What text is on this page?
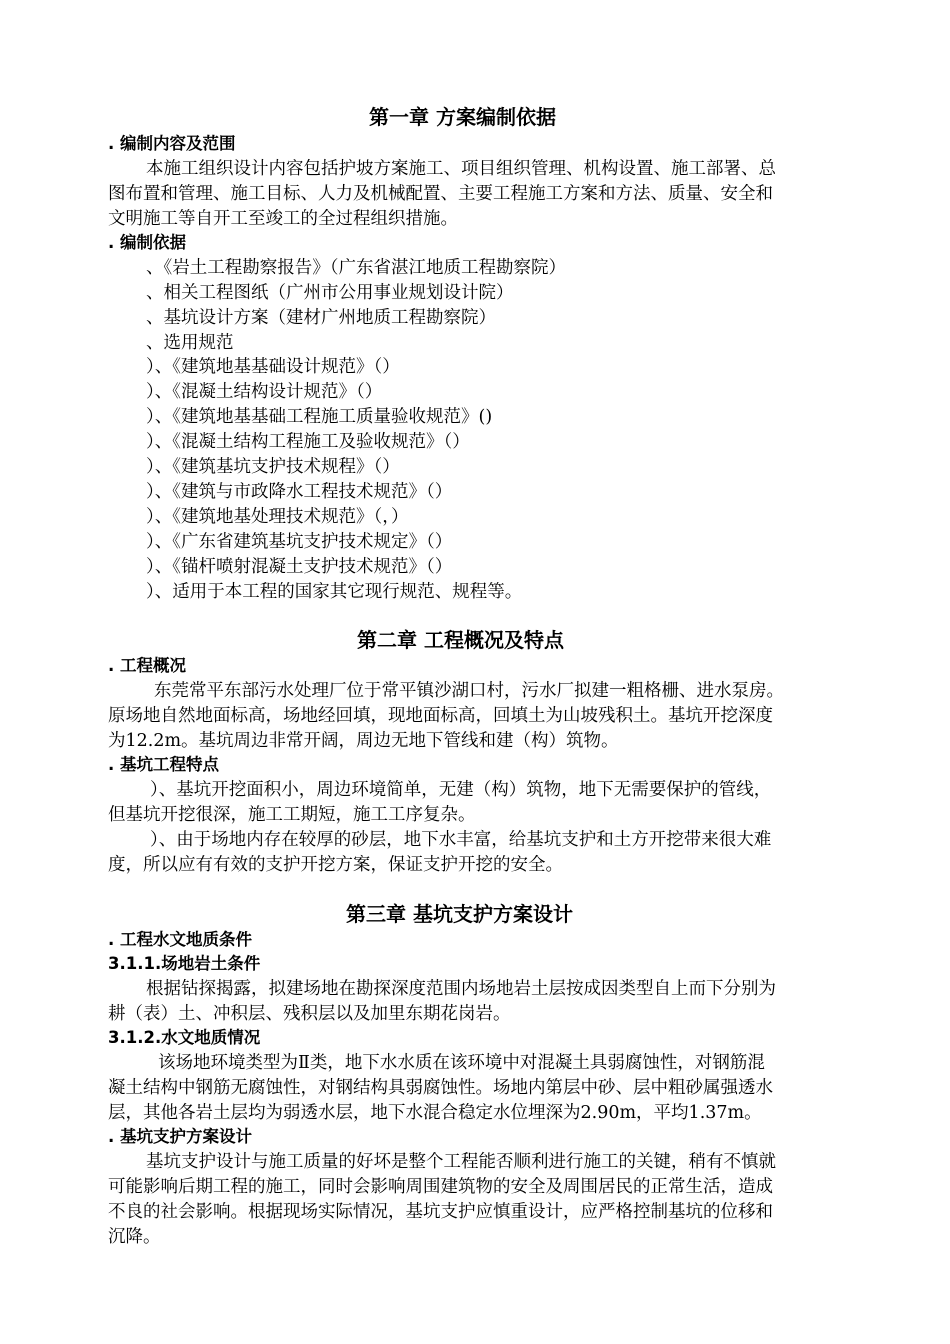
第一章 方案编制依据
. 编制内容及范围
本施工组织设计内容包括护坡方案施工、项目组织管理、机构设置、施工部署、总
图布置和管理、施工目标、人力及机械配置、主要工程施工方案和方法、质量、安全和
文明施工等自开工至竣工的全过程组织措施。
. 编制依据
、《岩土工程勘察报告》（广东省湛江地质工程勘察院）
、相关工程图纸（广州市公用事业规划设计院）
、基坑设计方案（建材广州地质工程勘察院）
、选用规范
）、《建筑地基基础设计规范》（）
）、《混凝土结构设计规范》（）
）、《建筑地基基础工程施工质量验收规范》()
）、《混凝土结构工程施工及验收规范》（）
）、《建筑基坑支护技术规程》（）
）、《建筑与市政降水工程技术规范》（）
）、《建筑地基处理技术规范》（，）
）、《广东省建筑基坑支护技术规定》（）
）、《锚杆喷射混凝土支护技术规范》（）
）、适用于本工程的国家其它现行规范、规程等。
第二章 工程概况及特点
. 工程概况
东莞常平东部污水处理厂位于常平镇沙湖口村，污水厂拟建一粗格栅、进水泵房。
原场地自然地面标高，场地经回填，现地面标高，回填土为山坡残积土。基坑开挖深度
为12.2m。基坑周边非常开阔，周边无地下管线和建（构）筑物。
. 基坑工程特点
）、基坑开挖面积小，周边环境简单，无建（构）筑物，地下无需要保护的管线，
但基坑开挖很深，施工工期短，施工工序复杂。
）、由于场地内存在较厚的砂层，地下水丰富，给基坑支护和土方开挖带来很大难
度，所以应有有效的支护开挖方案，保证支护开挖的安全。
第三章 基坑支护方案设计
. 工程水文地质条件
3.1.1.场地岩土条件
根据钻探揭露，拟建场地在勘探深度范围内场地岩土层按成因类型自上而下分别为
耕（表）土、冲积层、残积层以及加里东期花岗岩。
3.1.2.水文地质情况
该场地环境类型为Ⅱ类，地下水水质在该环境中对混凝土具弱腐蚀性，对钢筋混
凝土结构中钢筋无腐蚀性，对钢结构具弱腐蚀性。场地内第层中砂、层中粗砂属强透水
层，其他各岩土层均为弱透水层，地下水混合稳定水位埋深为2.90m，平均1.37m。
. 基坑支护方案设计
基坑支护设计与施工质量的好坏是整个工程能否顺利进行施工的关键，稍有不慎就
可能影响后期工程的施工，同时会影响周围建筑物的安全及周围居民的正常生活，造成
不良的社会影响。根据现场实际情况，基坑支护应慎重设计，应严格控制基坑的位移和
沉降。
